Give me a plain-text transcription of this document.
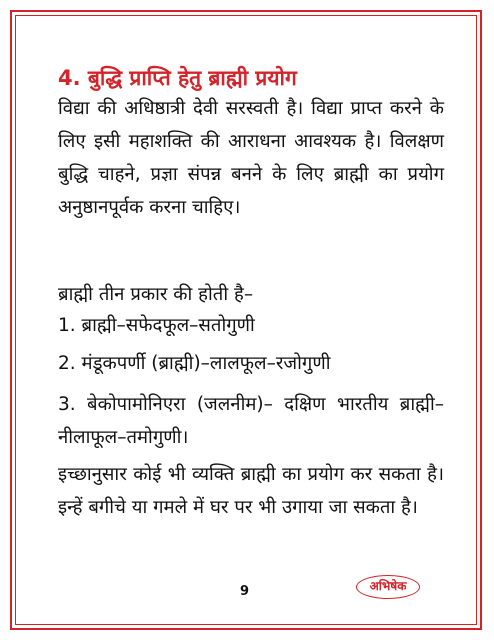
4. बुद्धि प्राप्ति हेतु ब्राह्मी प्रयोग
विद्या की अधिष्ठात्री देवी सरस्वती है। विद्या प्राप्त करने के लिए इसी महाशक्ति की आराधना आवश्यक है। विलक्षण बुद्धि चाहने, प्रज्ञा संपन्न बनने के लिए ब्राह्मी का प्रयोग अनुष्ठानपूर्वक करना चाहिए।
ब्राह्मी तीन प्रकार की होती है–
1. ब्राह्मी–सफेदफूल–सतोगुणी
2. मंडूकपर्णी (ब्राह्मी)–लालफूल–रजोगुणी
3. बेकोपामोनिएरा (जलनीम)– दक्षिण भारतीय ब्राह्मी–नीलाफूल–तमोगुणी।
इच्छानुसार कोई भी व्यक्ति ब्राह्मी का प्रयोग कर सकता है। इन्हें बगीचे या गमले में घर पर भी उगाया जा सकता है।
9	अभिषेक
